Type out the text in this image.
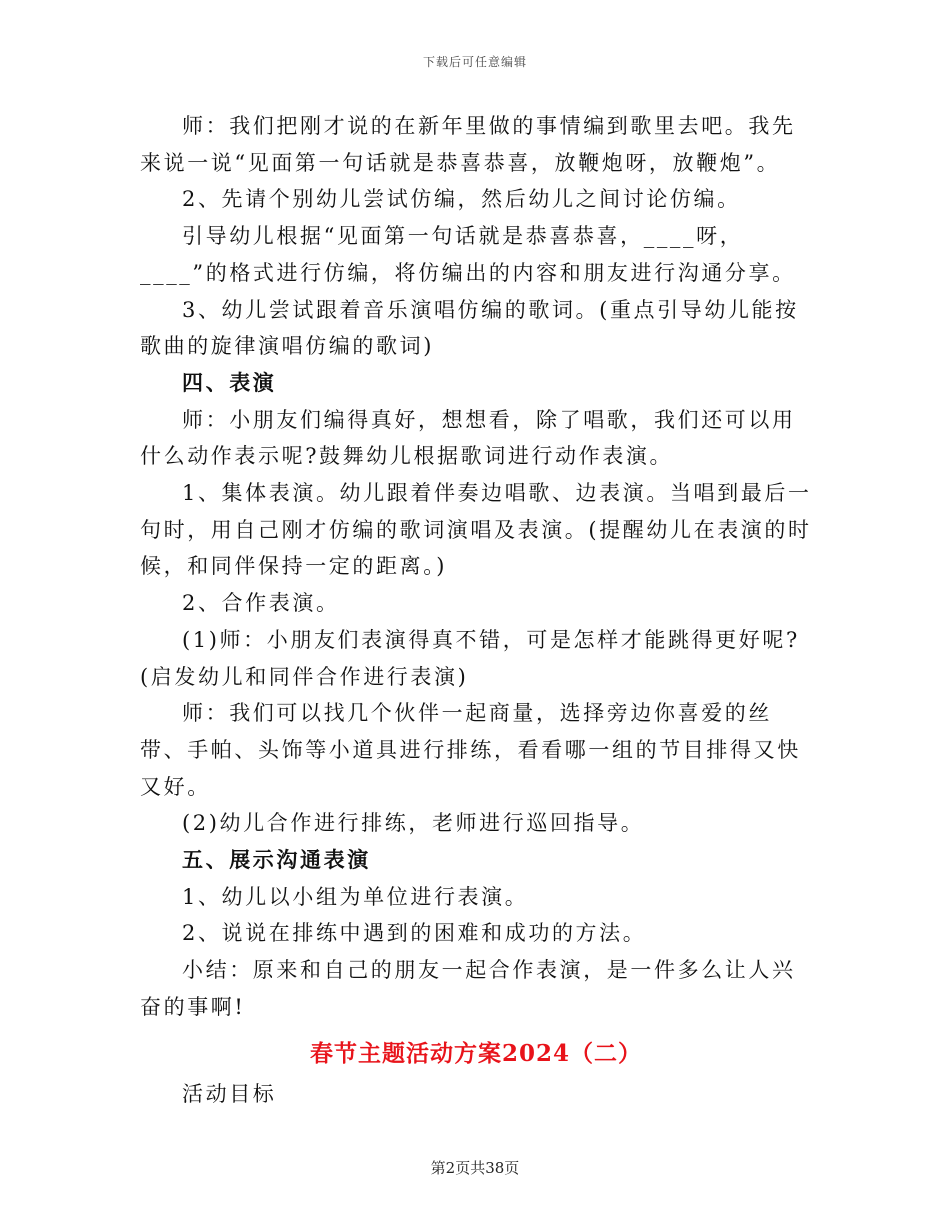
下载后可任意编辑

师：我们把刚才说的在新年里做的事情编到歌里去吧。我先来说一说“见面第一句话就是恭喜恭喜，放鞭炮呀，放鞭炮”。

2、先请个别幼儿尝试仿编，然后幼儿之间讨论仿编。

引导幼儿根据“见面第一句话就是恭喜恭喜，____呀，____”的格式进行仿编，将仿编出的内容和朋友进行沟通分享。

3、幼儿尝试跟着音乐演唱仿编的歌词。(重点引导幼儿能按歌曲的旋律演唱仿编的歌词)

四、表演

师：小朋友们编得真好，想想看，除了唱歌，我们还可以用什么动作表示呢?鼓舞幼儿根据歌词进行动作表演。

1、集体表演。幼儿跟着伴奏边唱歌、边表演。当唱到最后一句时，用自己刚才仿编的歌词演唱及表演。(提醒幼儿在表演的时候，和同伴保持一定的距离。)

2、合作表演。

(1)师：小朋友们表演得真不错，可是怎样才能跳得更好呢?(启发幼儿和同伴合作进行表演)

师：我们可以找几个伙伴一起商量，选择旁边你喜爱的丝带、手帕、头饰等小道具进行排练，看看哪一组的节目排得又快又好。

(2)幼儿合作进行排练，老师进行巡回指导。

五、展示沟通表演

1、幼儿以小组为单位进行表演。

2、说说在排练中遇到的困难和成功的方法。

小结：原来和自己的朋友一起合作表演，是一件多么让人兴奋的事啊!

春节主题活动方案2024（二）

活动目标

第2页共38页
